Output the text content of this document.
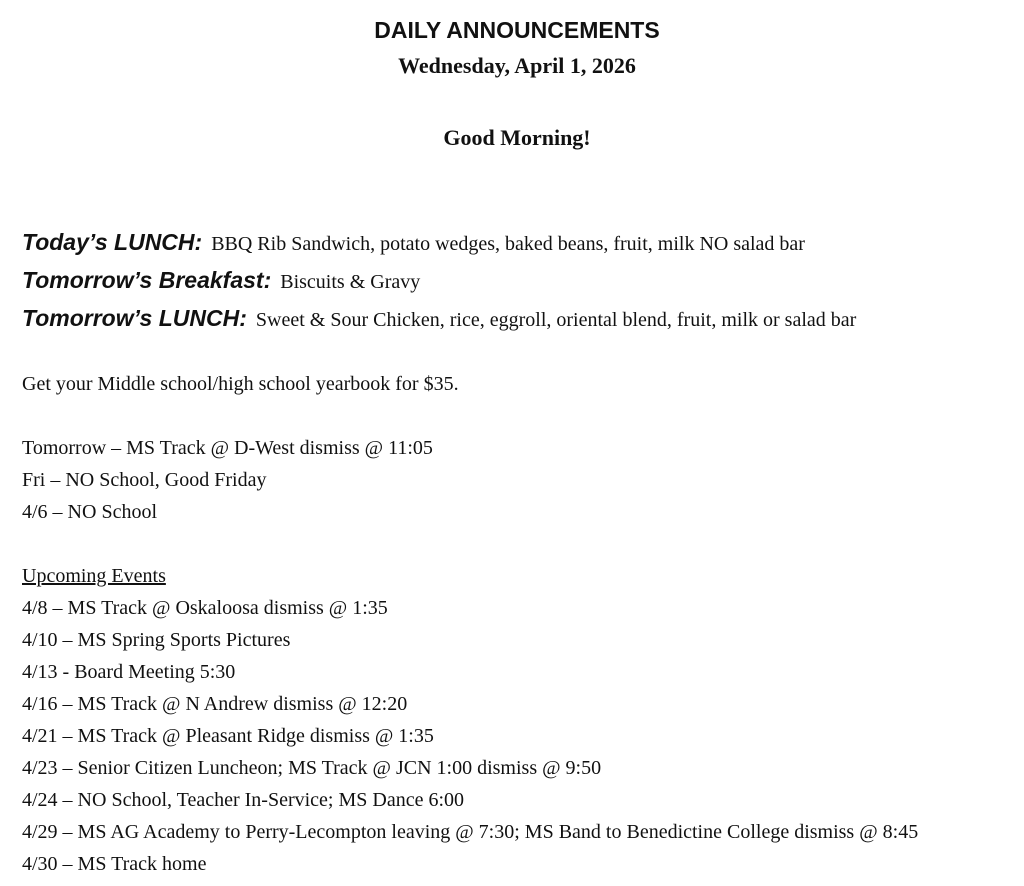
DAILY ANNOUNCEMENTS
Wednesday, April 1, 2026
Good Morning!
Today’s LUNCH: BBQ Rib Sandwich, potato wedges, baked beans, fruit, milk NO salad bar
Tomorrow’s Breakfast: Biscuits & Gravy
Tomorrow’s LUNCH: Sweet & Sour Chicken, rice, eggroll, oriental blend, fruit, milk or salad bar
Get your Middle school/high school yearbook for $35.
Tomorrow – MS Track @ D-West dismiss @ 11:05
Fri – NO School, Good Friday
4/6 – NO School
Upcoming Events
4/8 – MS Track @ Oskaloosa dismiss @ 1:35
4/10 – MS Spring Sports Pictures
4/13 - Board Meeting 5:30
4/16 – MS Track @ N Andrew dismiss @ 12:20
4/21 – MS Track @ Pleasant Ridge dismiss @ 1:35
4/23 – Senior Citizen Luncheon; MS Track @ JCN 1:00 dismiss @ 9:50
4/24 – NO School, Teacher In-Service; MS Dance 6:00
4/29 – MS AG Academy to Perry-Lecompton leaving @ 7:30; MS Band to Benedictine College dismiss @ 8:45
4/30 – MS Track home
